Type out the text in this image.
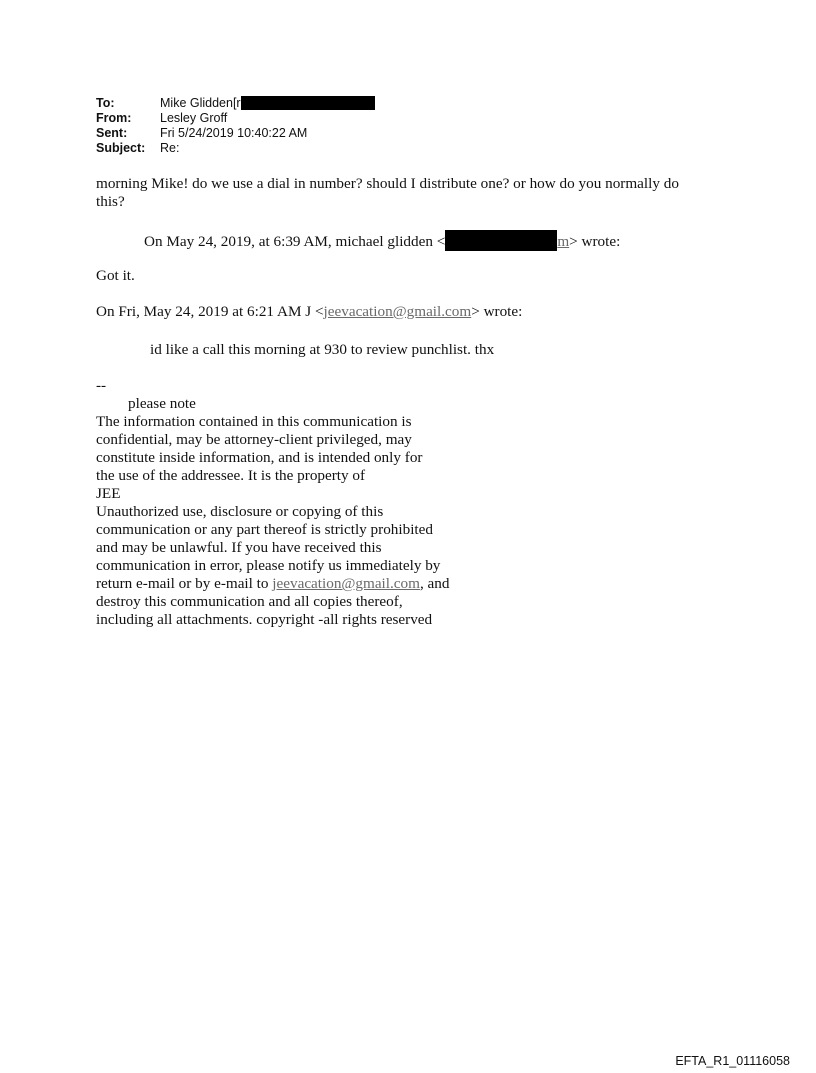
To:	Mike Glidden[r
From: Lesley Groff
Sent:	Fri 5/24/2019 10:40:22 AM
Subject: Re:

morning Mike! do we use a dial in number? should I distribute one? or how do you normally do

this?

On May 24, 2019, at 6:39 AM, michael glidden <	m> wrote:

Got it.

On Fri, May 24, 2019 at 6:21 AM J <jeevacation@gmail.com> wrote:

id like a call this morning at 930 to review punchlist. thx

--

please note

The information contained in this communication is

confidential, may be attorney-client privileged, may

constitute inside information, and is intended only for

the use of the addressee. It is the property of

JEE

Unauthorized use, disclosure or copying of this

communication or any part thereof is strictly prohibited

and may be unlawful. If you have received this

communication in error, please notify us immediately by

return e-mail or by e-mail to jeevacation@gmail.com, and

destroy this communication and all copies thereof,

including all attachments. copyright -all rights reserved

EFTA_R1_01116058
